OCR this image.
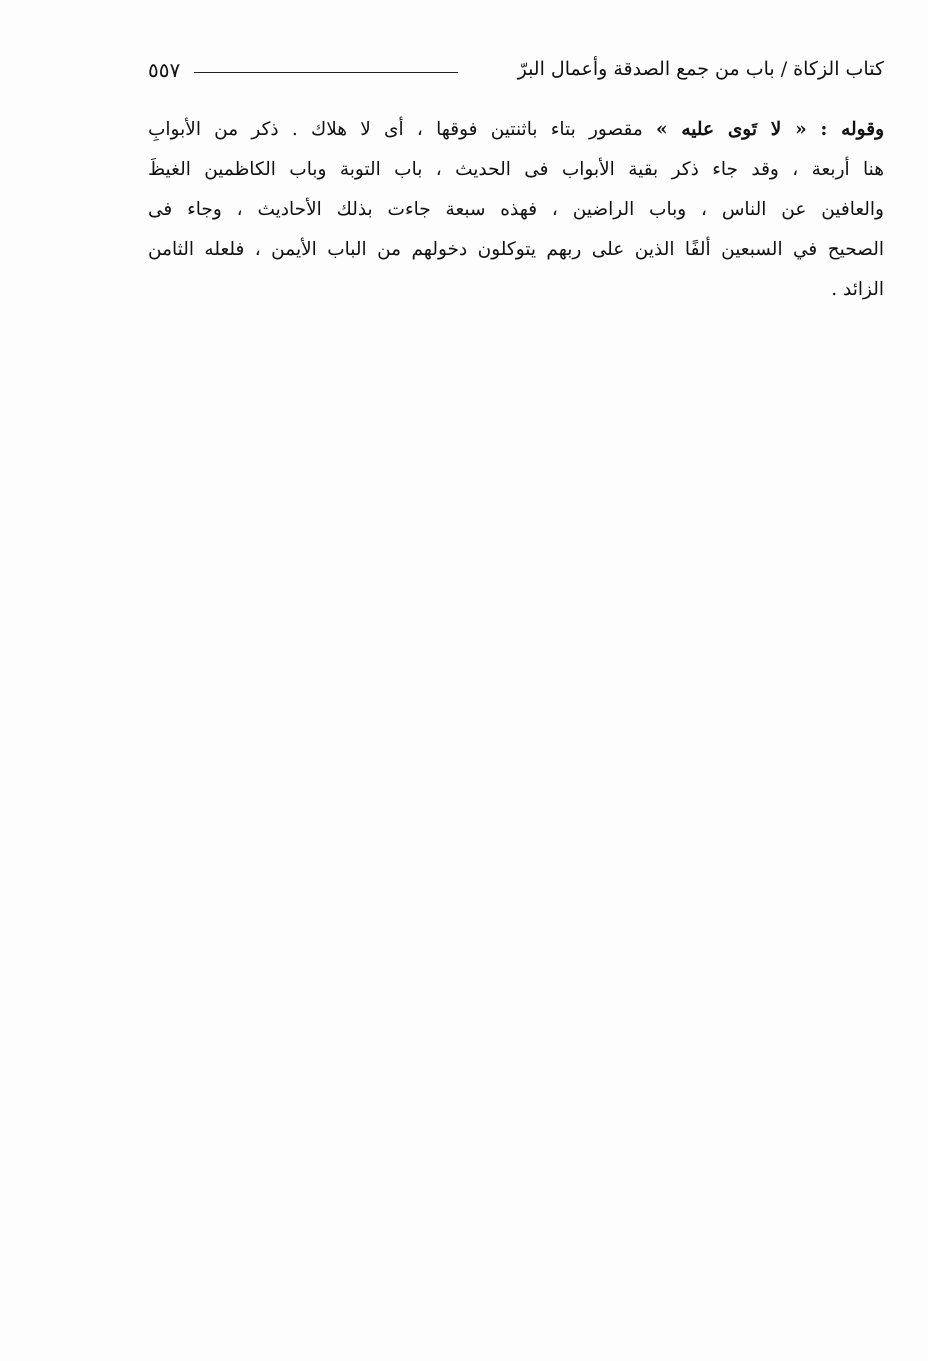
٥٥٧	كتاب الزكاة / باب من جمع الصدقة وأعمال البرّ
وقوله : « لا تَوى عليه » مقصور بتاء باثنتين فوقها ، أى لا هلاك . ذكر من الأبوابِ
هنا أربعة ، وقد جاء ذكر بقية الأبواب فى الحديث ، باب التوبة وباب الكاظمين الغيظَ
والعافين عن الناس ، وباب الراضين ، فهذه سبعة جاءت بذلك الأحاديث ، وجاء فى
الصحيح في السبعين ألفًا الذين على ربهم يتوكلون دخولهم من الباب الأيمن ، فلعله الثامن
الزائد .
